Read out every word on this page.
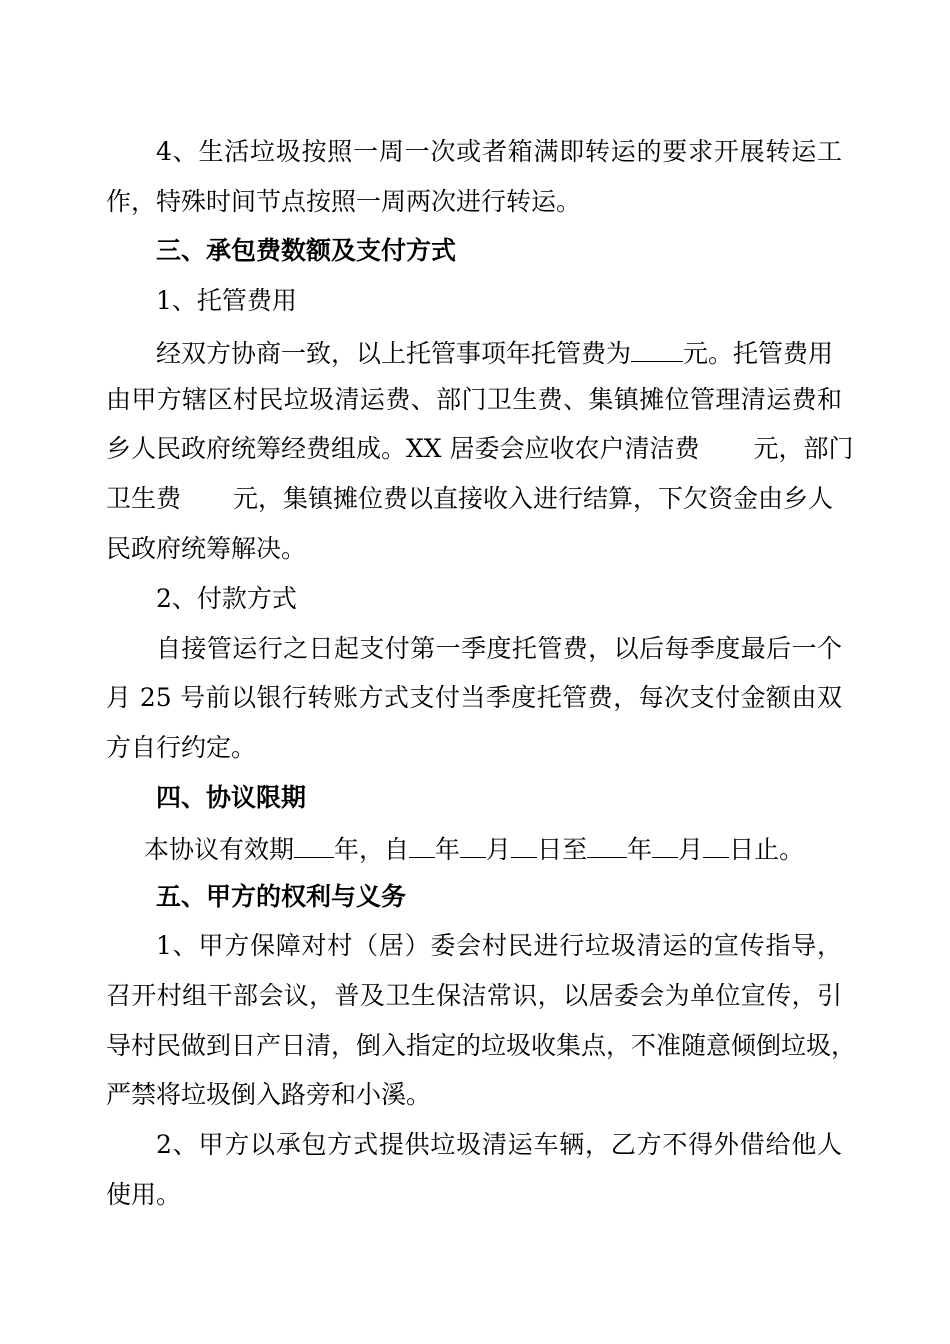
4、生活垃圾按照一周一次或者箱满即转运的要求开展转运工
作，特殊时间节点按照一周两次进行转运。
三、承包费数额及支付方式
1、托管费用
经双方协商一致，以上托管事项年托管费为 元。托管费用
由甲方辖区村民垃圾清运费、部门卫生费、集镇摊位管理清运费和
乡人民政府统筹经费组成。XX 居委会应收农户清洁费 元，部门
卫生费 元，集镇摊位费以直接收入进行结算，下欠资金由乡人
民政府统筹解决。
2、付款方式
自接管运行之日起支付第一季度托管费，以后每季度最后一个
月 25 号前以银行转账方式支付当季度托管费，每次支付金额由双
方自行约定。
四、协议限期
本协议有效期 年，自 年 月 日至 年 月 日止。
五、甲方的权利与义务
1、甲方保障对村（居）委会村民进行垃圾清运的宣传指导，
召开村组干部会议，普及卫生保洁常识，以居委会为单位宣传，引
导村民做到日产日清，倒入指定的垃圾收集点，不准随意倾倒垃圾，
严禁将垃圾倒入路旁和小溪。
2、甲方以承包方式提供垃圾清运车辆，乙方不得外借给他人
使用。
